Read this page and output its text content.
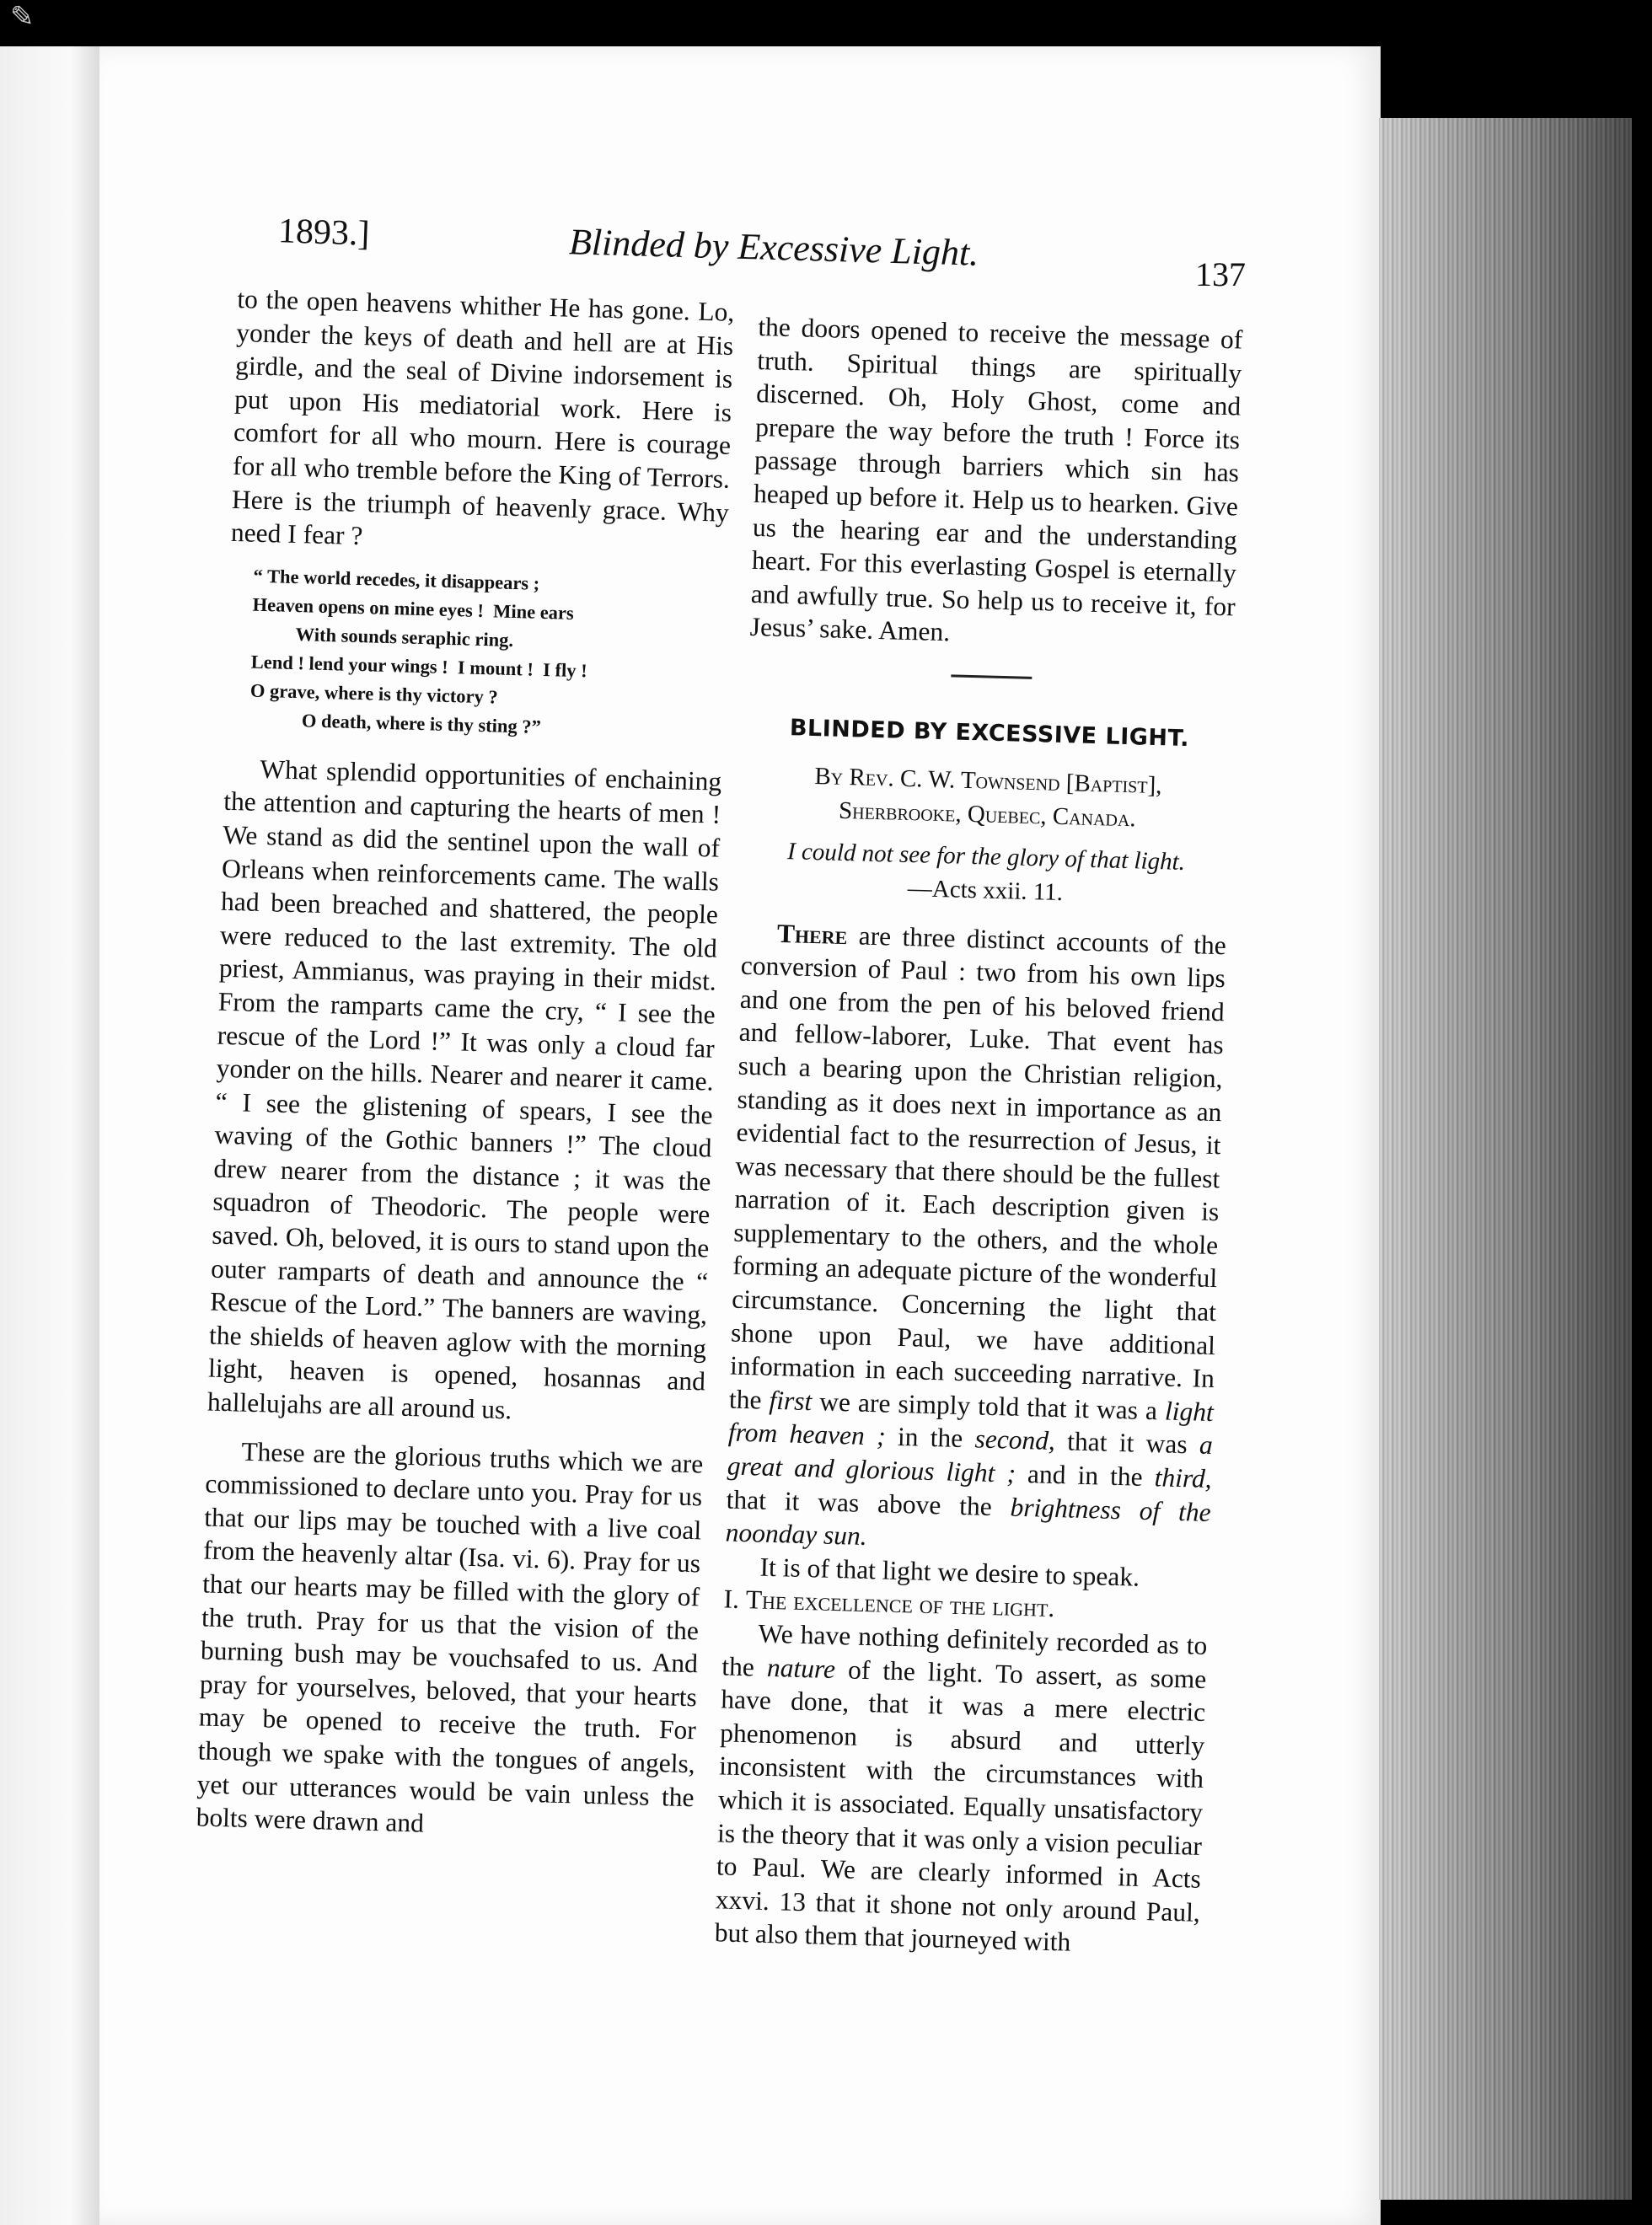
✎
1893.]	Blinded by Excessive Light.
137

to the open heavens whither He has gone. Lo, yonder the keys of death and hell are at His girdle, and the seal of Divine indorsement is put upon His mediatorial work. Here is comfort for all who mourn. Here is courage for all who tremble before the King of Terrors. Here is the triumph of heavenly grace. Why need I fear ?

“ The world recedes, it disappears ;
Heaven opens on mine eyes !  Mine ears
With sounds seraphic ring.
Lend ! lend your wings !  I mount !  I fly !
O grave, where is thy victory ?
O death, where is thy sting ?”

What splendid opportunities of enchaining the attention and capturing the hearts of men ! We stand as did the sentinel upon the wall of Orleans when reinforcements came. The walls had been breached and shattered, the people were reduced to the last extremity. The old priest, Ammianus, was praying in their midst. From the ramparts came the cry, “ I see the rescue of the Lord !” It was only a cloud far yonder on the hills. Nearer and nearer it came. “ I see the glistening of spears, I see the waving of the Gothic banners !” The cloud drew nearer from the distance ; it was the squadron of Theodoric. The people were saved. Oh, beloved, it is ours to stand upon the outer ramparts of death and announce the “ Rescue of the Lord.” The banners are waving, the shields of heaven aglow with the morning light, heaven is opened, hosannas and hallelujahs are all around us.

These are the glorious truths which we are commissioned to declare unto you. Pray for us that our lips may be touched with a live coal from the heavenly altar (Isa. vi. 6). Pray for us that our hearts may be filled with the glory of the truth. Pray for us that the vision of the burning bush may be vouchsafed to us. And pray for yourselves, beloved, that your hearts may be opened to receive the truth. For though we spake with the tongues of angels, yet our utterances would be vain unless the bolts were drawn and

the doors opened to receive the message of truth. Spiritual things are spiritually discerned. Oh, Holy Ghost, come and prepare the way before the truth ! Force its passage through barriers which sin has heaped up before it. Help us to hearken. Give us the hearing ear and the understanding heart. For this everlasting Gospel is eternally and awfully true. So help us to receive it, for Jesus’ sake. Amen.

BLINDED BY EXCESSIVE LIGHT.
By Rev. C. W. Townsend [Baptist],
Sherbrooke, Quebec, Canada.
I could not see for the glory of that light.
—Acts xxii. 11.

There are three distinct accounts of the conversion of Paul : two from his own lips and one from the pen of his beloved friend and fellow-laborer, Luke. That event has such a bearing upon the Christian religion, standing as it does next in importance as an evidential fact to the resurrection of Jesus, it was necessary that there should be the fullest narration of it. Each description given is supplementary to the others, and the whole forming an adequate picture of the wonderful circumstance. Concerning the light that shone upon Paul, we have additional information in each succeeding narrative. In the first we are simply told that it was a light from heaven ; in the second, that it was a great and glorious light ; and in the third, that it was above the brightness of the noonday sun.

It is of that light we desire to speak.

I. The excellence of the light.

We have nothing definitely recorded as to the nature of the light. To assert, as some have done, that it was a mere electric phenomenon is absurd and utterly inconsistent with the circumstances with which it is associated. Equally unsatisfactory is the theory that it was only a vision peculiar to Paul. We are clearly informed in Acts xxvi. 13 that it shone not only around Paul, but also them that journeyed with
